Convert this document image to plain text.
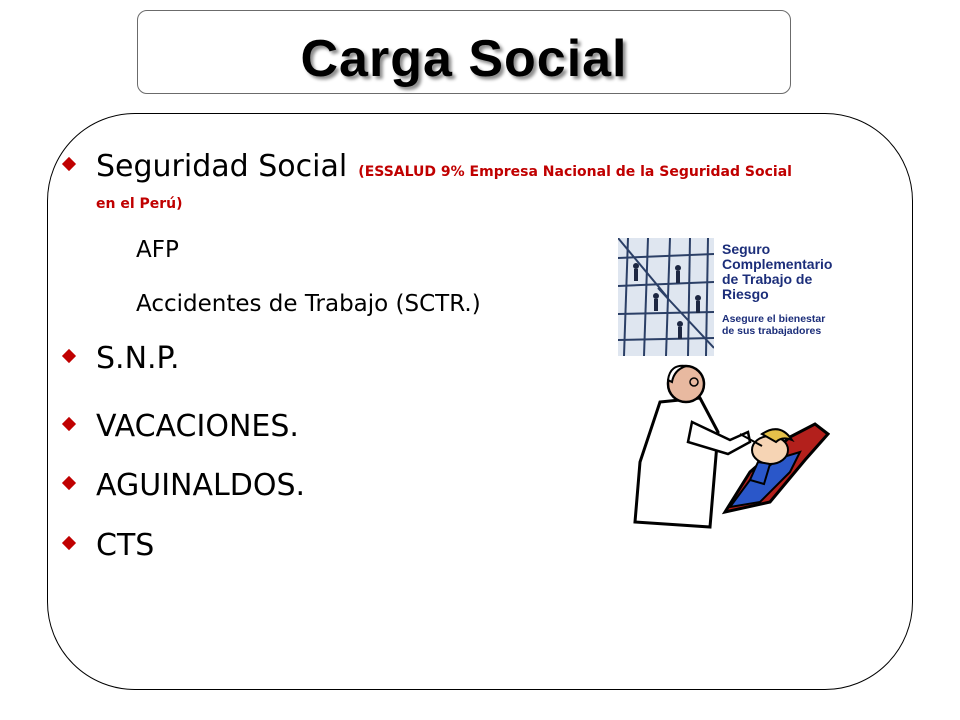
Carga Social
Seguridad Social (ESSALUD 9% Empresa Nacional de la Seguridad Social
en el Perú)
AFP
Accidentes de Trabajo (SCTR.)
S.N.P.
VACACIONES.
AGUINALDOS.
CTS
Seguro
Complementario
de Trabajo de
Riesgo
Asegure el bienestar
de sus trabajadores
